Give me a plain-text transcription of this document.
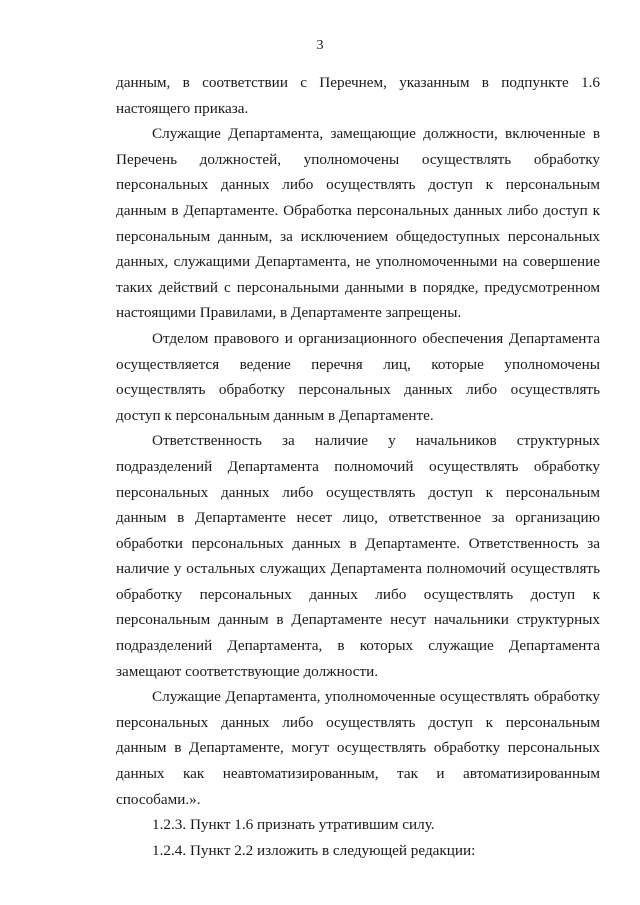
3

данным, в соответствии с Перечнем, указанным в подпункте 1.6 настоящего приказа.

Служащие Департамента, замещающие должности, включенные в Перечень должностей, уполномочены осуществлять обработку персональных данных либо осуществлять доступ к персональным данным в Департаменте. Обработка персональных данных либо доступ к персональным данным, за исключением общедоступных персональных данных, служащими Департамента, не уполномоченными на совершение таких действий с персональными данными в порядке, предусмотренном настоящими Правилами, в Департаменте запрещены.

Отделом правового и организационного обеспечения Департамента осуществляется ведение перечня лиц, которые уполномочены осуществлять обработку персональных данных либо осуществлять доступ к персональным данным в Департаменте.

Ответственность за наличие у начальников структурных подразделений Департамента полномочий осуществлять обработку персональных данных либо осуществлять доступ к персональным данным в Департаменте несет лицо, ответственное за организацию обработки персональных данных в Департаменте. Ответственность за наличие у остальных служащих Департамента полномочий осуществлять обработку персональных данных либо осуществлять доступ к персональным данным в Департаменте несут начальники структурных подразделений Департамента, в которых служащие Департамента замещают соответствующие должности.

Служащие Департамента, уполномоченные осуществлять обработку персональных данных либо осуществлять доступ к персональным данным в Департаменте, могут осуществлять обработку персональных данных как неавтоматизированным, так и автоматизированным способами.».

1.2.3. Пункт 1.6 признать утратившим силу.

1.2.4. Пункт 2.2 изложить в следующей редакции:
